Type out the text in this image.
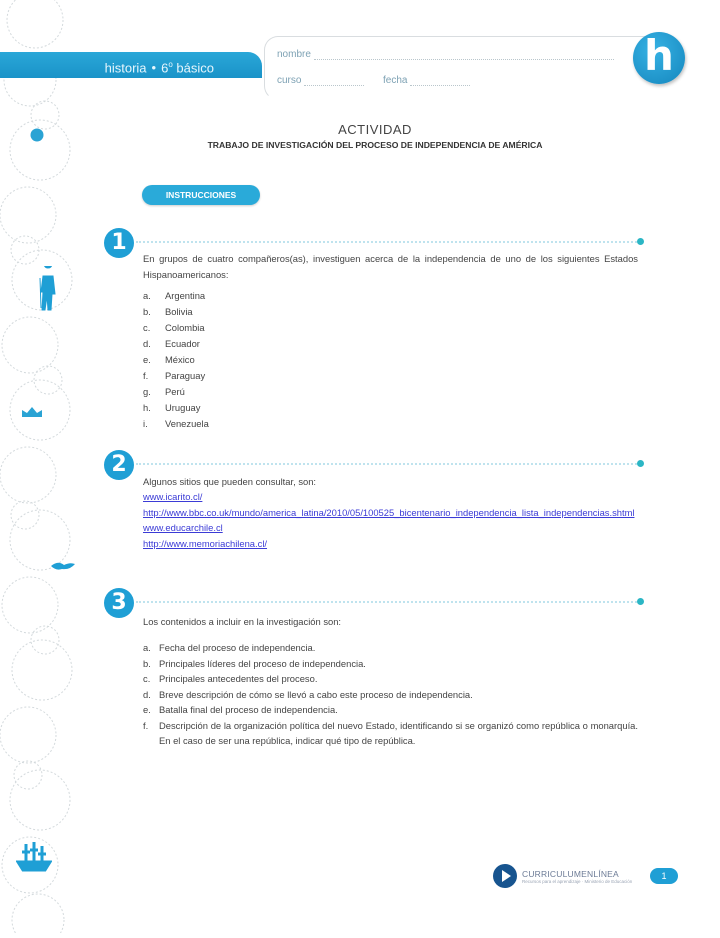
historia • 6$^o$ básico
nombre
curso	fecha
h
ACTIVIDAD
TRABAJO DE INVESTIGACIÓN DEL PROCESO DE INDEPENDENCIA DE AMÉRICA
INSTRUCCIONES
1
En grupos de cuatro compañeros(as), investiguen acerca de la independencia de uno de los siguientes Estados Hispanoamericanos:
a. Argentina
b. Bolivia
c. Colombia
d. Ecuador
e. México
f. Paraguay
g. Perú
h. Uruguay
i. Venezuela
2
Algunos sitios que pueden consultar, son:
www.icarito.cl/
http://www.bbc.co.uk/mundo/america_latina/2010/05/100525_bicentenario_independencia_lista_independencias.shtml
www.educarchile.cl
http://www.memoriachilena.cl/
3
Los contenidos a incluir en la investigación son:
a. Fecha del proceso de independencia.
b. Principales líderes del proceso de independencia.
c. Principales antecedentes del proceso.
d. Breve descripción de cómo se llevó a cabo este proceso de independencia.
e. Batalla final del proceso de independencia.
f.	Descripción de la organización política del nuevo Estado, identificando si se organizó como república o monarquía. En el caso de ser una república, indicar qué tipo de república.
CURRICULUMENLÍNEA
Recursos para el aprendizaje · Ministerio de Educación	1
